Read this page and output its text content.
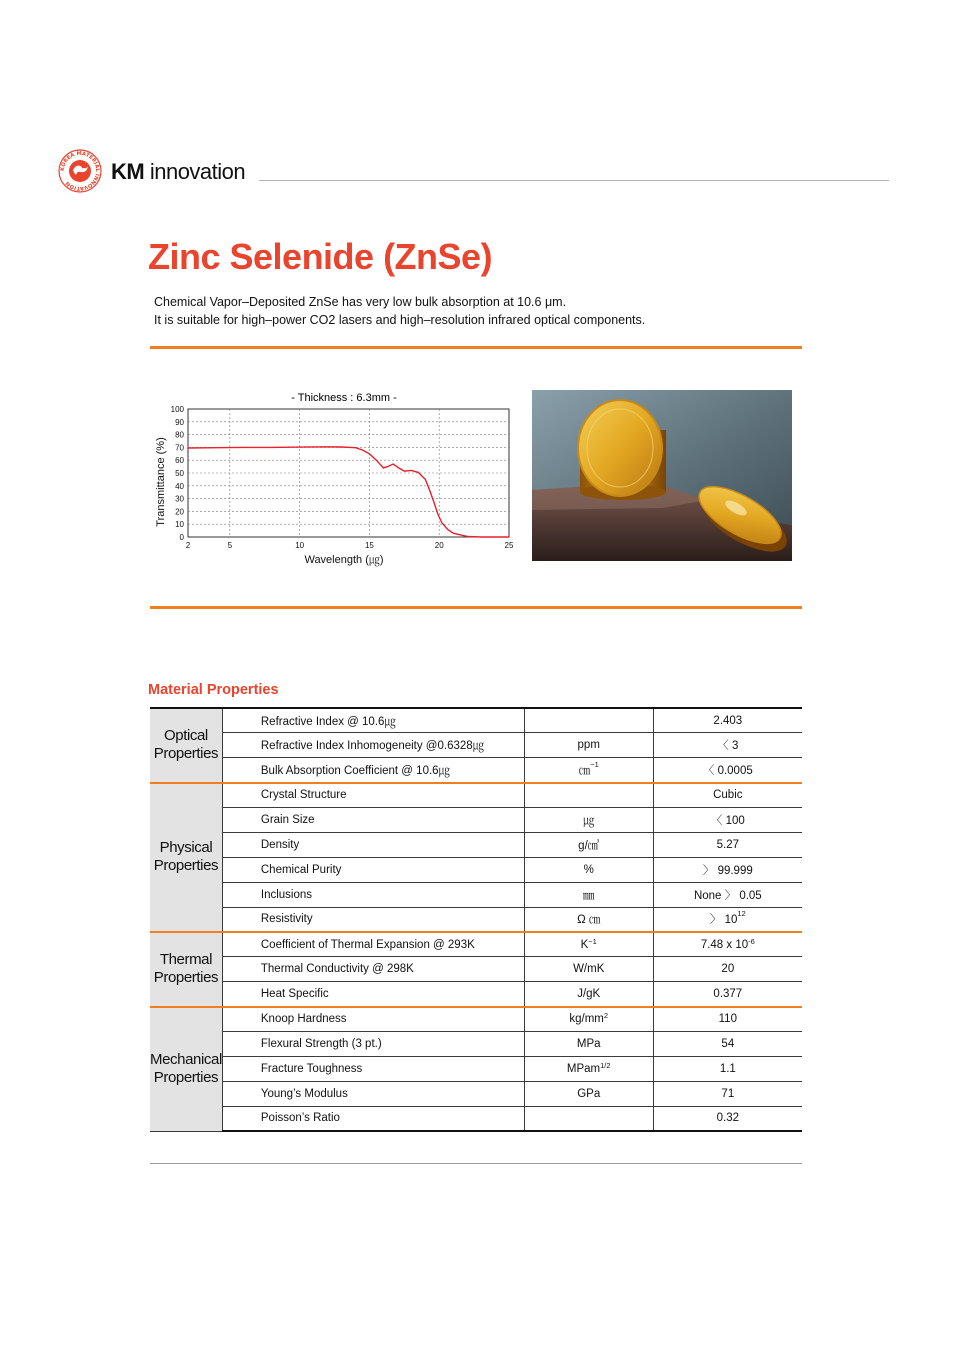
KOREA MATERIAL INNOVATION	KM innovation
Zinc Selenide (ZnSe)

Chemical Vapor–Deposited ZnSe has very low bulk absorption at 10.6 μm.

It is suitable for high–power CO2 lasers and high–resolution infrared optical components.

0
10
20
30
40
50
60
70
80
90
100
2	5	10	15	20	25
- Thickness : 6.3mm -
Wavelength (㎍)
Transmittance (%)
Material Properties
Optical
Properties	Refractive Index @ 10.6㎍		2.403
	Refractive Index Inhomogeneity @0.6328㎍	ppm	〈 3
	Bulk Absorption Coefficient @ 10.6㎍	㎝$^{-1}$	〈 0.0005

Physical
Properties	Crystal Structure		Cubic
	Grain Size	㎍	〈 100
	Density	g/㎤	5.27
	Chemical Purity	%	〉 99.999
	Inclusions	㎜	None 〉 0.05
	Resistivity	Ω ㎝	〉 $10^{12}$

Thermal
Properties	Coefficient of Thermal Expansion @ 293K	$K^{-1}$	7.48 x $10^{-6}$
	Thermal Conductivity @ 298K	W/mK	20
	Heat Specific	J/gK	0.377

Mechanical
Properties	Knoop Hardness	$kg/mm^2$	110
	Flexural Strength (3 pt.)	MPa	54
	Fracture Toughness	MPam$^{1/2}$	1.1
	Young’s Modulus	GPa	71
	Poisson’s Ratio		0.32
